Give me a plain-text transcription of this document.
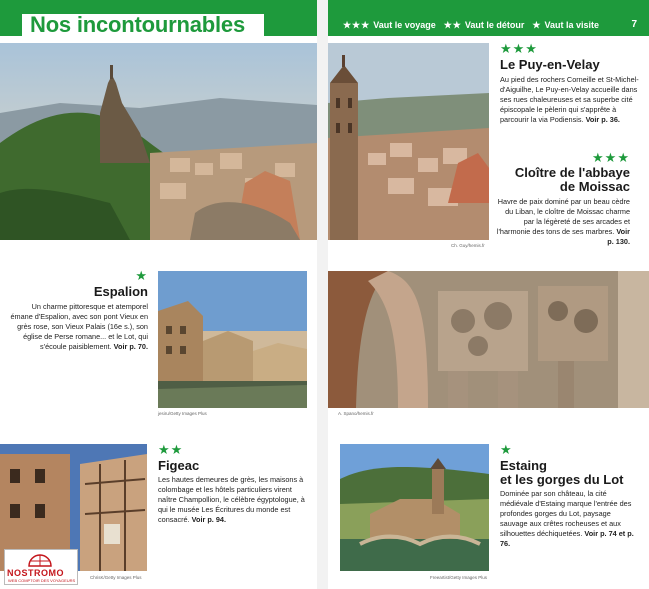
Nos incontournables	★★★ Vaut le voyage ★★ Vaut le détour ★ Vaut la visite	7
Ch. Guy/hemis.fr
★★★
Le Puy-en-Velay
Au pied des rochers Corneille et St-Michel-d'Aiguilhe, Le Puy-en-Velay accueille dans ses rues chaleureuses et sa superbe cité épiscopale le pèlerin qui s'apprête à parcourir la via Podiensis. Voir p. 36.
★★★
Cloître de l'abbaye
de Moissac
Havre de paix dominé par un beau cèdre du Liban, le cloître de Moissac charme par la légèreté de ses arcades et l'harmonie des tons de ses marbres. Voir p. 130.
★
Espalion
Un charme pittoresque et atemporel émane d'Espalion, avec son pont Vieux en grès rose, son Vieux Palais (16e s.), son église de Perse romane... et le Lot, qui s'écoule paisiblement. Voir p. 70.
jesiru/Getty Images Plus	A. Spano/hemis.fr
ChrisK/Getty Images Plus
★★
Figeac
Les hautes demeures de grès, les maisons à colombage et les hôtels particuliers virent naître Champollion, le célèbre égyptologue, à qui le musée Les Écritures du monde est consacré. Voir p. 94.
NOSTROMO
WEB COMPTOIR DES VOYAGEURS
Freeartist/Getty Images Plus
★
Estaing
et les gorges du Lot
Dominée par son château, la cité médiévale d'Estaing marque l'entrée des profondes gorges du Lot, paysage sauvage aux crêtes rocheuses et aux silhouettes déchiquetées. Voir p. 74 et p. 76.
